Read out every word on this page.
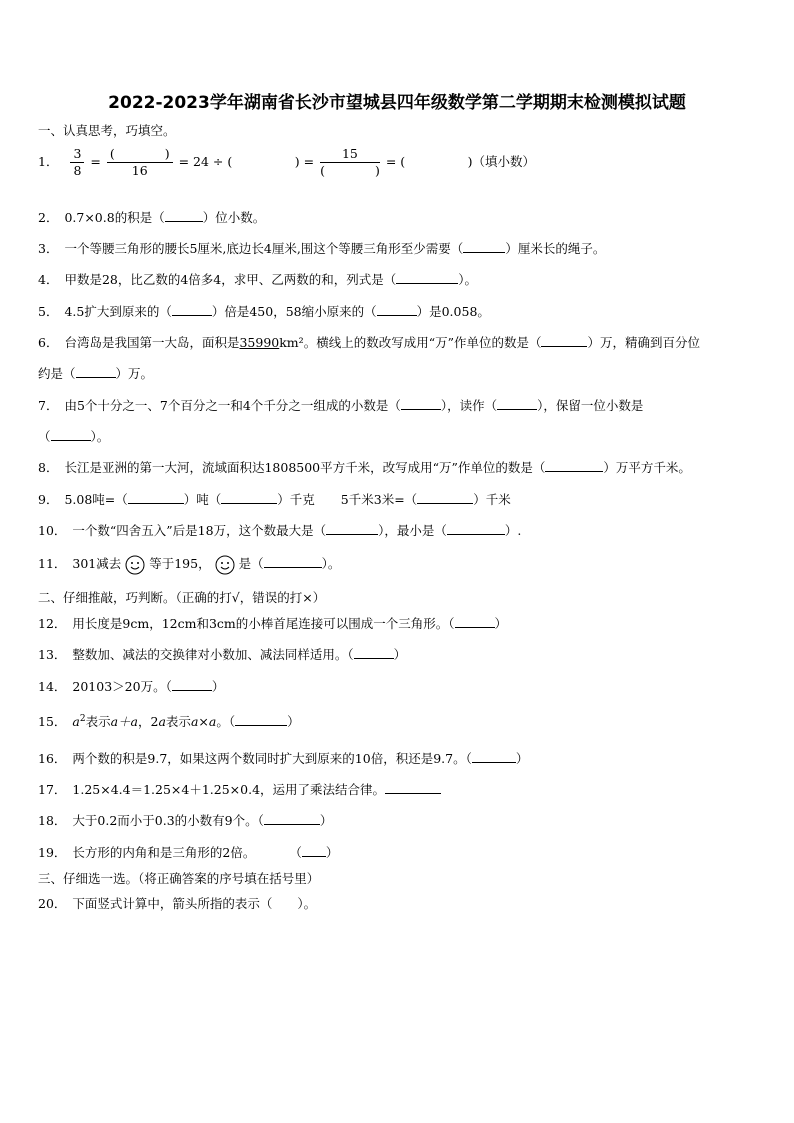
2022-2023学年湖南省长沙市望城县四年级数学第二学期期末检测模拟试题
一、认真思考，巧填空。
1． $\frac{3}{8} = \frac{( )}{16} = 24$ ÷ (　　　　　) = $\frac{15}{( )}$ = (　　　　　)（填小数）
2． 0.7×0.8的积是（	）位小数。
3． 一个等腰三角形的腰长5厘米,底边长4厘米,围这个等腰三角形至少需要（	）厘米长的绳子。
4． 甲数是28，比乙数的4倍多4，求甲、乙两数的和，列式是（	）。
5． 4.5扩大到原来的（	）倍是450，58缩小原来的（	）是0.058。
6． 台湾岛是我国第一大岛，面积是35990km²。横线上的数改写成用“万”作单位的数是（	）万，精确到百分位
约是（	）万。
7． 由5个十分之一、7个百分之一和4个千分之一组成的小数是（	），读作（	），保留一位小数是
（	）。
8． 长江是亚洲的第一大河，流域面积达1808500平方千米，改写成用“万”作单位的数是（	）万平方千米。
9． 5.08吨=（	）吨（	）千克 5千米3米=（	）千米
10． 一个数“四舍五入”后是18万，这个数最大是（	），最小是（	）.
11． 301减去 等于195， 是（	）。
二、仔细推敲，巧判断。（正确的打√，错误的打×）
12． 用长度是9cm，12cm和3cm的小棒首尾连接可以围成一个三角形。（	）
13． 整数加、减法的交换律对小数加、减法同样适用。（	）
14． 20103＞20万。（	）
15． $a^2$表示a＋a，2a表示a×a。（	）
16． 两个数的积是9.7，如果这两个数同时扩大到原来的10倍，积还是9.7。（	）
17． 1.25×4.4＝1.25×4＋1.25×0.4，运用了乘法结合律。
18． 大于0.2而小于0.3的小数有9个。（	）
19． 长方形的内角和是三角形的2倍。	（ ）
三、仔细选一选。（将正确答案的序号填在括号里）
20． 下面竖式计算中，箭头所指的表示（　　）。
